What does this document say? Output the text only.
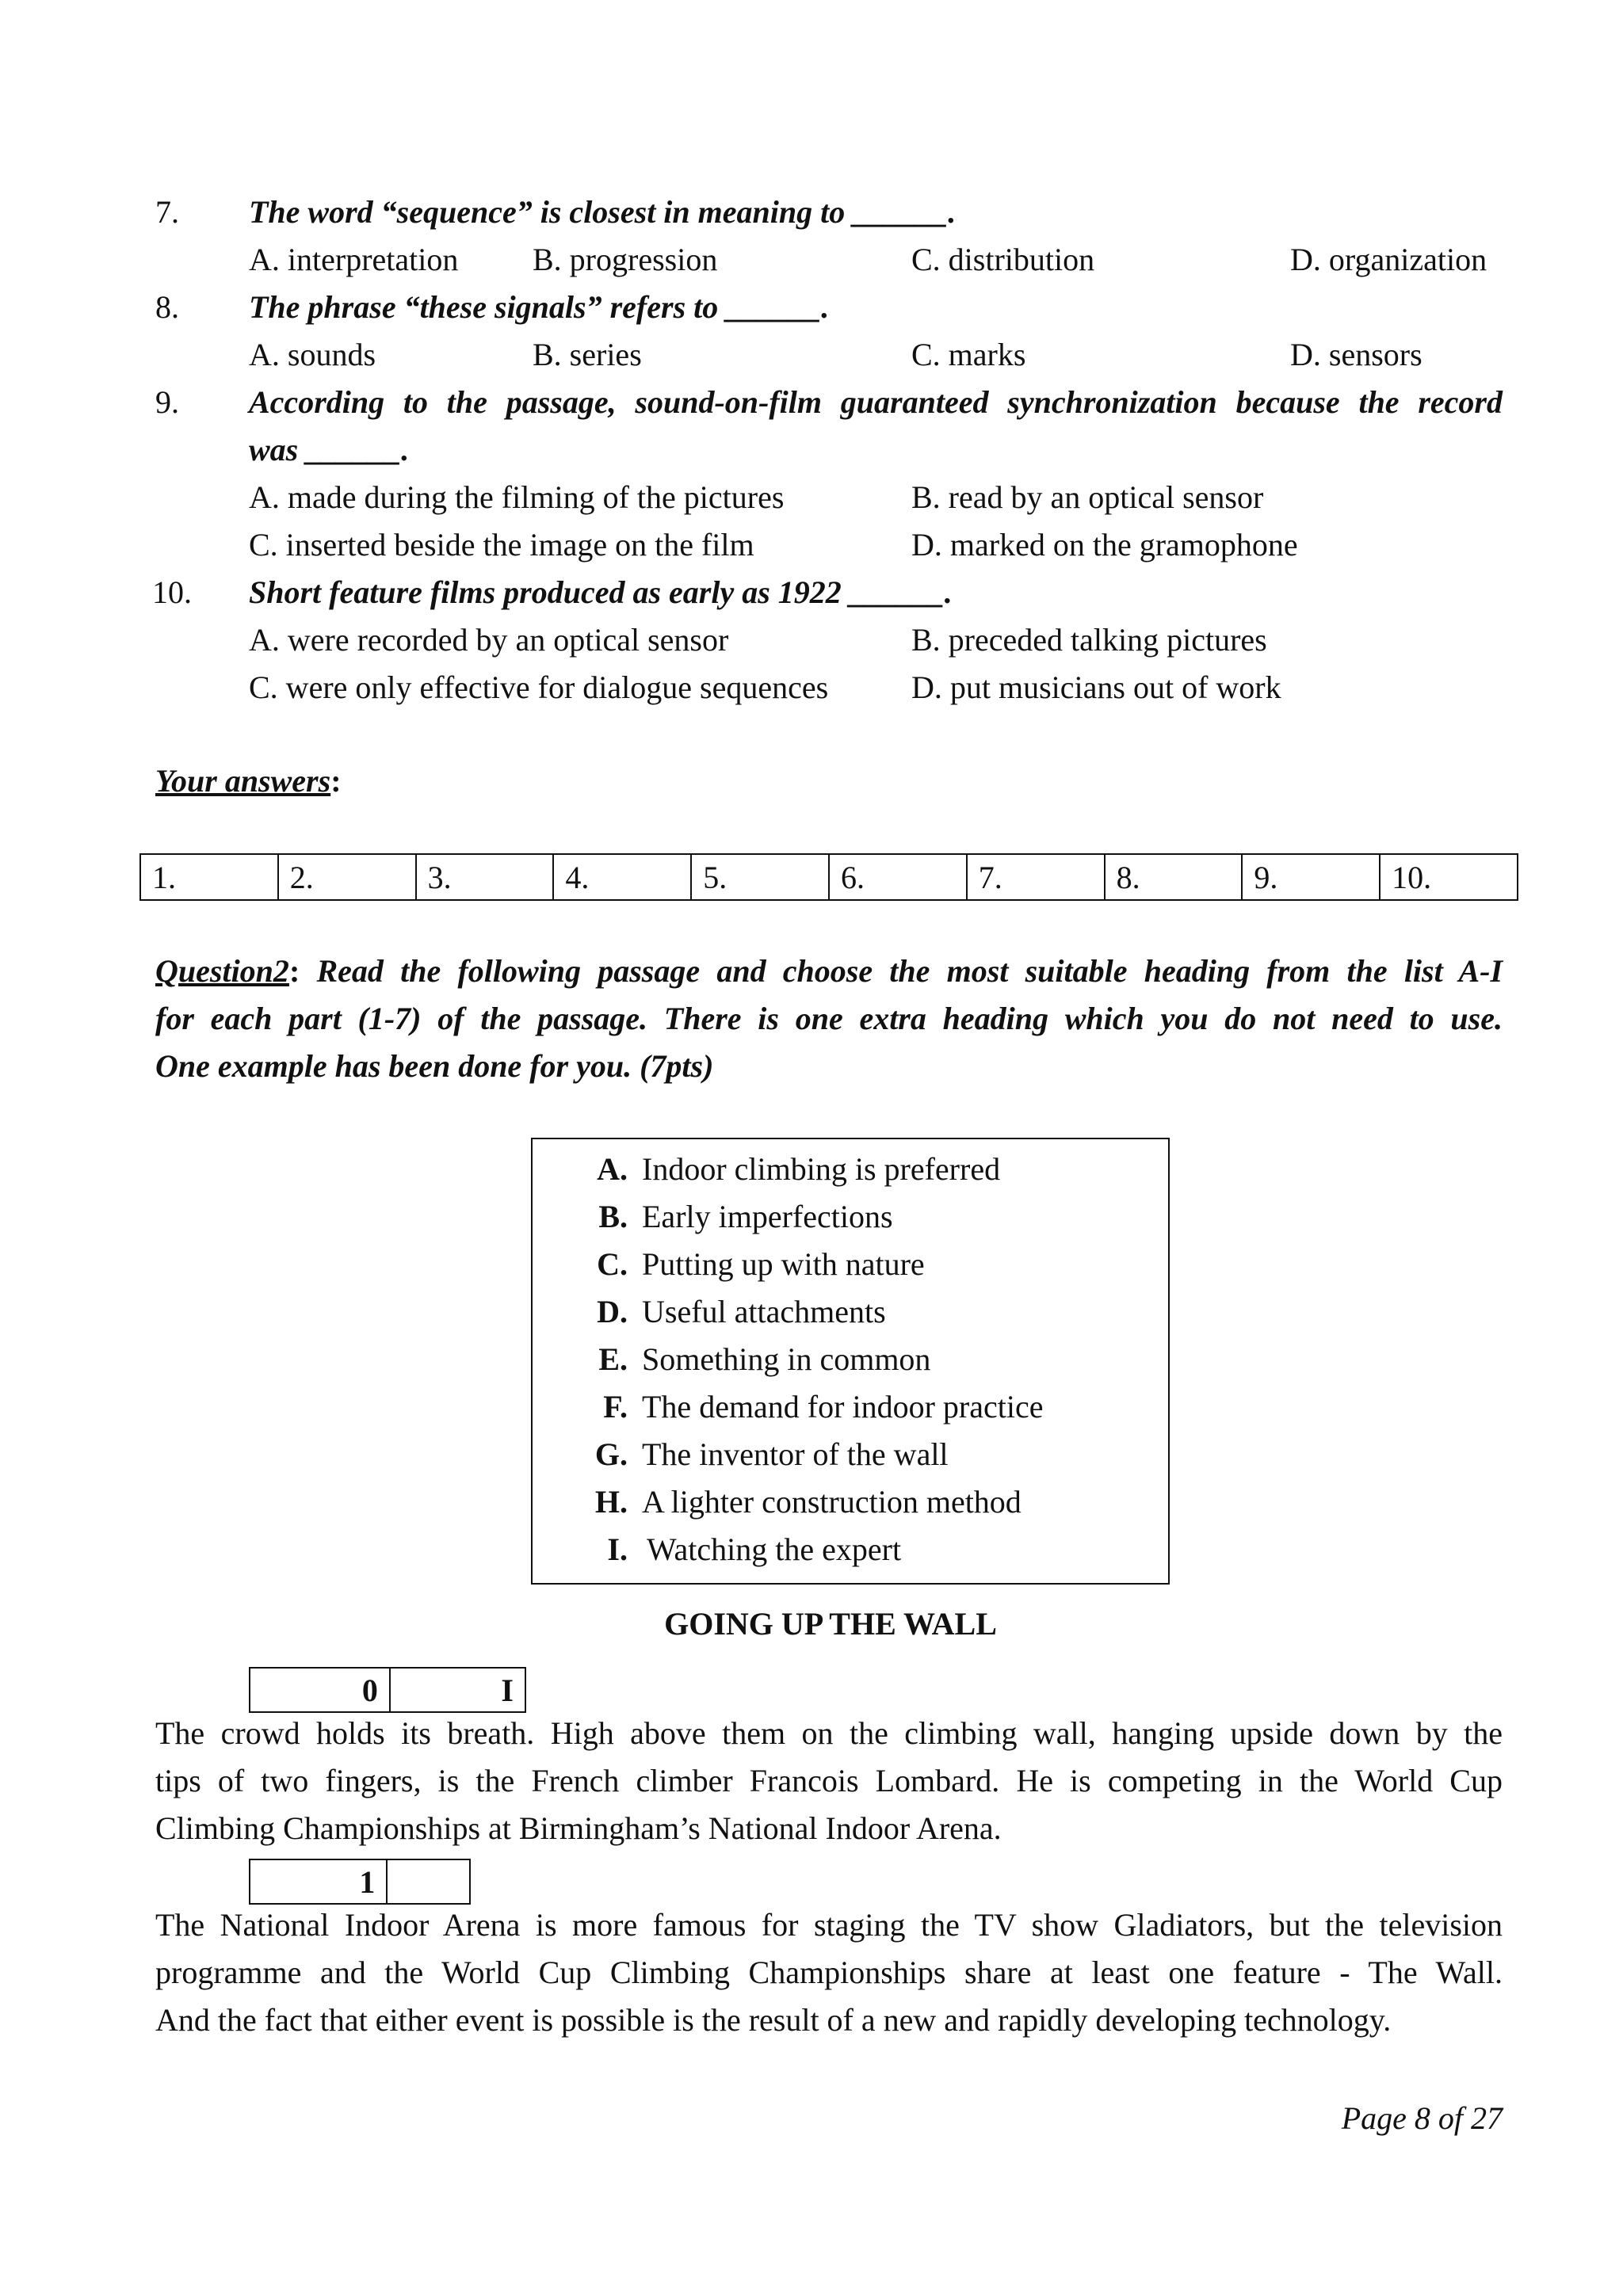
7. The word “sequence” is closest in meaning to ______.
A. interpretation B. progression	C. distribution	D. organization
8. The phrase “these signals” refers to ______.
A. sounds	B. series	C. marks	D. sensors
9. According to the passage, sound-on-film guaranteed synchronization because the record
was ______.
A. made during the filming of the pictures	B. read by an optical sensor
C. inserted beside the image on the film	D. marked on the gramophone
10. Short feature films produced as early as 1922 ______.
A. were recorded by an optical sensor	B. preceded talking pictures
C. were only effective for dialogue sequences	D. put musicians out of work
Your answers:
1.	2.	3.	4.	5.	6.	7.	8.	9.	10.
Question2: Read the following passage and choose the most suitable heading from the list A-I
for each part (1-7) of the passage. There is one extra heading which you do not need to use.
One example has been done for you. (7pts)
A. Indoor climbing is preferred
B. Early imperfections
C. Putting up with nature
D. Useful attachments
E. Something in common
F. The demand for indoor practice
G. The inventor of the wall
H. A lighter construction method
I. Watching the expert
GOING UP THE WALL
0	I
The crowd holds its breath. High above them on the climbing wall, hanging upside down by the
tips of two fingers, is the French climber Francois Lombard. He is competing in the World Cup
Climbing Championships at Birmingham’s National Indoor Arena.
1	
The National Indoor Arena is more famous for staging the TV show Gladiators, but the television
programme and the World Cup Climbing Championships share at least one feature - The Wall.
And the fact that either event is possible is the result of a new and rapidly developing technology.
Page 8 of 27
